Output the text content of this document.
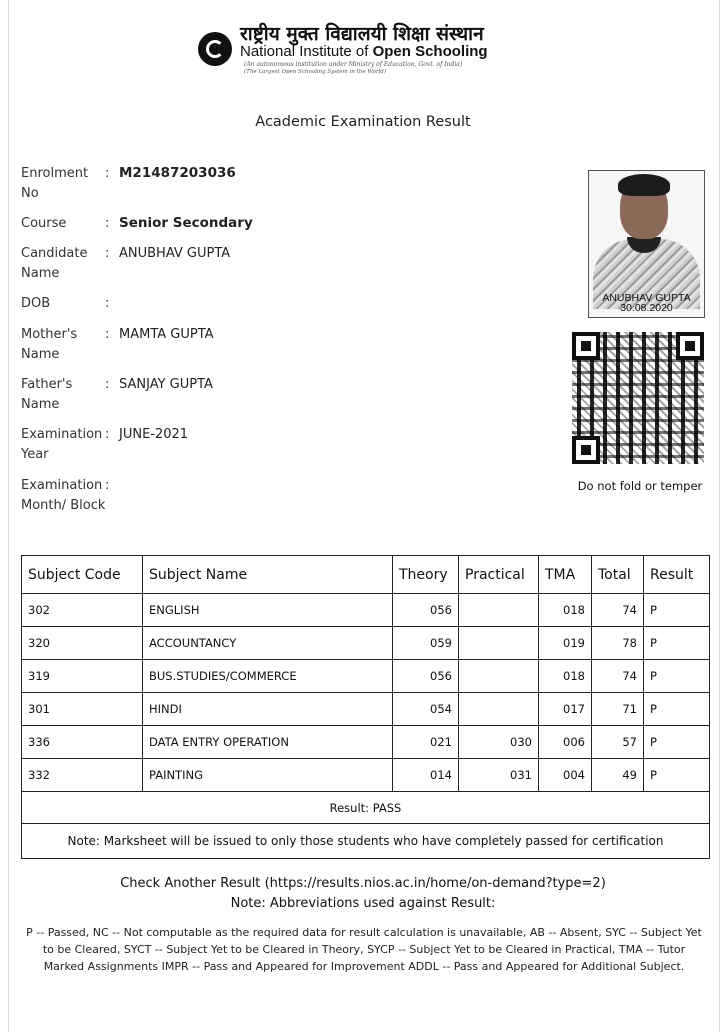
राष्ट्रीय मुक्त विद्यालयी शिक्षा संस्थान
National Institute of Open Schooling
(An autonomous institution under Ministry of Education, Govt. of India)
(The Largest Open Schooling System in the World)
Academic Examination Result
Enrolment No
: M21487203036
Course	: Senior Secondary
Candidate Name
: ANUBHAV GUPTA
DOB	:
Mother's Name
: MAMTA GUPTA
Father's Name
: SANJAY GUPTA
Examination Year
: JUNE-2021
Examination Month/ Block
:
ANUBHAV GUPTA
30.08.2020
Do not fold or temper
Subject Code	Subject Name	Theory	Practical	TMA	Total	Result
302	ENGLISH	056		018	74	P
320	ACCOUNTANCY	059		019	78	P
319	BUS.STUDIES/COMMERCE	056		018	74	P
301	HINDI	054		017	71	P
336	DATA ENTRY OPERATION	021	030	006	57	P
332	PAINTING	014	031	004	49	P
Result: PASS						
Note: Marksheet will be issued to only those students who have completely passed for certification						
Check Another Result (https://results.nios.ac.in/home/on-demand?type=2)
Note: Abbreviations used against Result:
P -- Passed, NC -- Not computable as the required data for result calculation is unavailable, AB -- Absent, SYC -- Subject Yet to be Cleared, SYCT -- Subject Yet to be Cleared in Theory, SYCP -- Subject Yet to be Cleared in Practical, TMA -- Tutor Marked Assignments IMPR -- Pass and Appeared for Improvement ADDL -- Pass and Appeared for Additional Subject.
